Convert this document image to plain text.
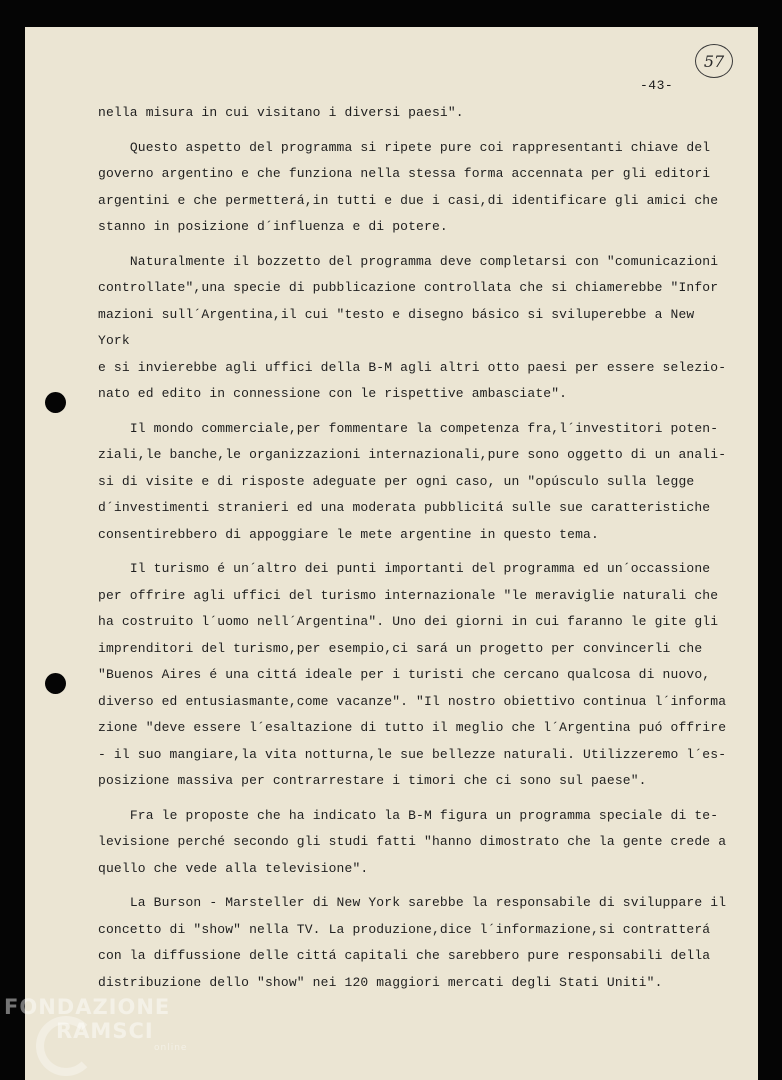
-43-
57

nella misura in cui visitano i diversi paesi".

Questo aspetto del programma si ripete pure coi rappresentanti chiave del
governo argentino e che funziona nella stessa forma accennata per gli editori
argentini e che permetterá,in tutti e due i casi,di identificare gli amici che
stanno in posizione d´influenza e di potere.

Naturalmente il bozzetto del programma deve completarsi con "comunicazioni
controllate",una specie di pubblicazione controllata che si chiamerebbe "Infor
mazioni sull´Argentina,il cui "testo e disegno básico si sviluperebbe a New York
e si invierebbe agli uffici della B-M agli altri otto paesi per essere selezio-
nato ed edito in connessione con le rispettive ambasciate".

Il mondo commerciale,per fommentare la competenza fra,l´investitori poten-
ziali,le banche,le organizzazioni internazionali,pure sono oggetto di un anali-
si di visite e di risposte adeguate per ogni caso, un "opúsculo sulla legge
d´investimenti stranieri ed una moderata pubblicitá sulle sue caratteristiche
consentirebbero di appoggiare le mete argentine in questo tema.

Il turismo é un´altro dei punti importanti del programma ed un´occassione
per offrire agli uffici del turismo internazionale "le meraviglie naturali che
ha costruito l´uomo nell´Argentina". Uno dei giorni in cui faranno le gite gli
imprenditori del turismo,per esempio,ci sará un progetto per convincerli che
"Buenos Aires é una cittá ideale per i turisti che cercano qualcosa di nuovo,
diverso ed entusiasmante,come vacanze". "Il nostro obiettivo continua l´informa
zione "deve essere l´esaltazione di tutto il meglio che l´Argentina puó offrire
- il suo mangiare,la vita notturna,le sue bellezze naturali. Utilizzeremo l´es-
posizione massiva per contrarrestare i timori che ci sono sul paese".

Fra le proposte che ha indicato la B-M figura un programma speciale di te-
levisione perché secondo gli studi fatti "hanno dimostrato che la gente crede a
quello che vede alla televisione".

La Burson - Marsteller di New York sarebbe la responsabile di sviluppare il
concetto di "show" nella TV. La produzione,dice l´informazione,si contratterá
con la diffussione delle cittá capitali che sarebbero pure responsabili della
distribuzione dello "show" nei 120 maggiori mercati degli Stati Uniti".

FONDAZIONE
RAMSCI
online
